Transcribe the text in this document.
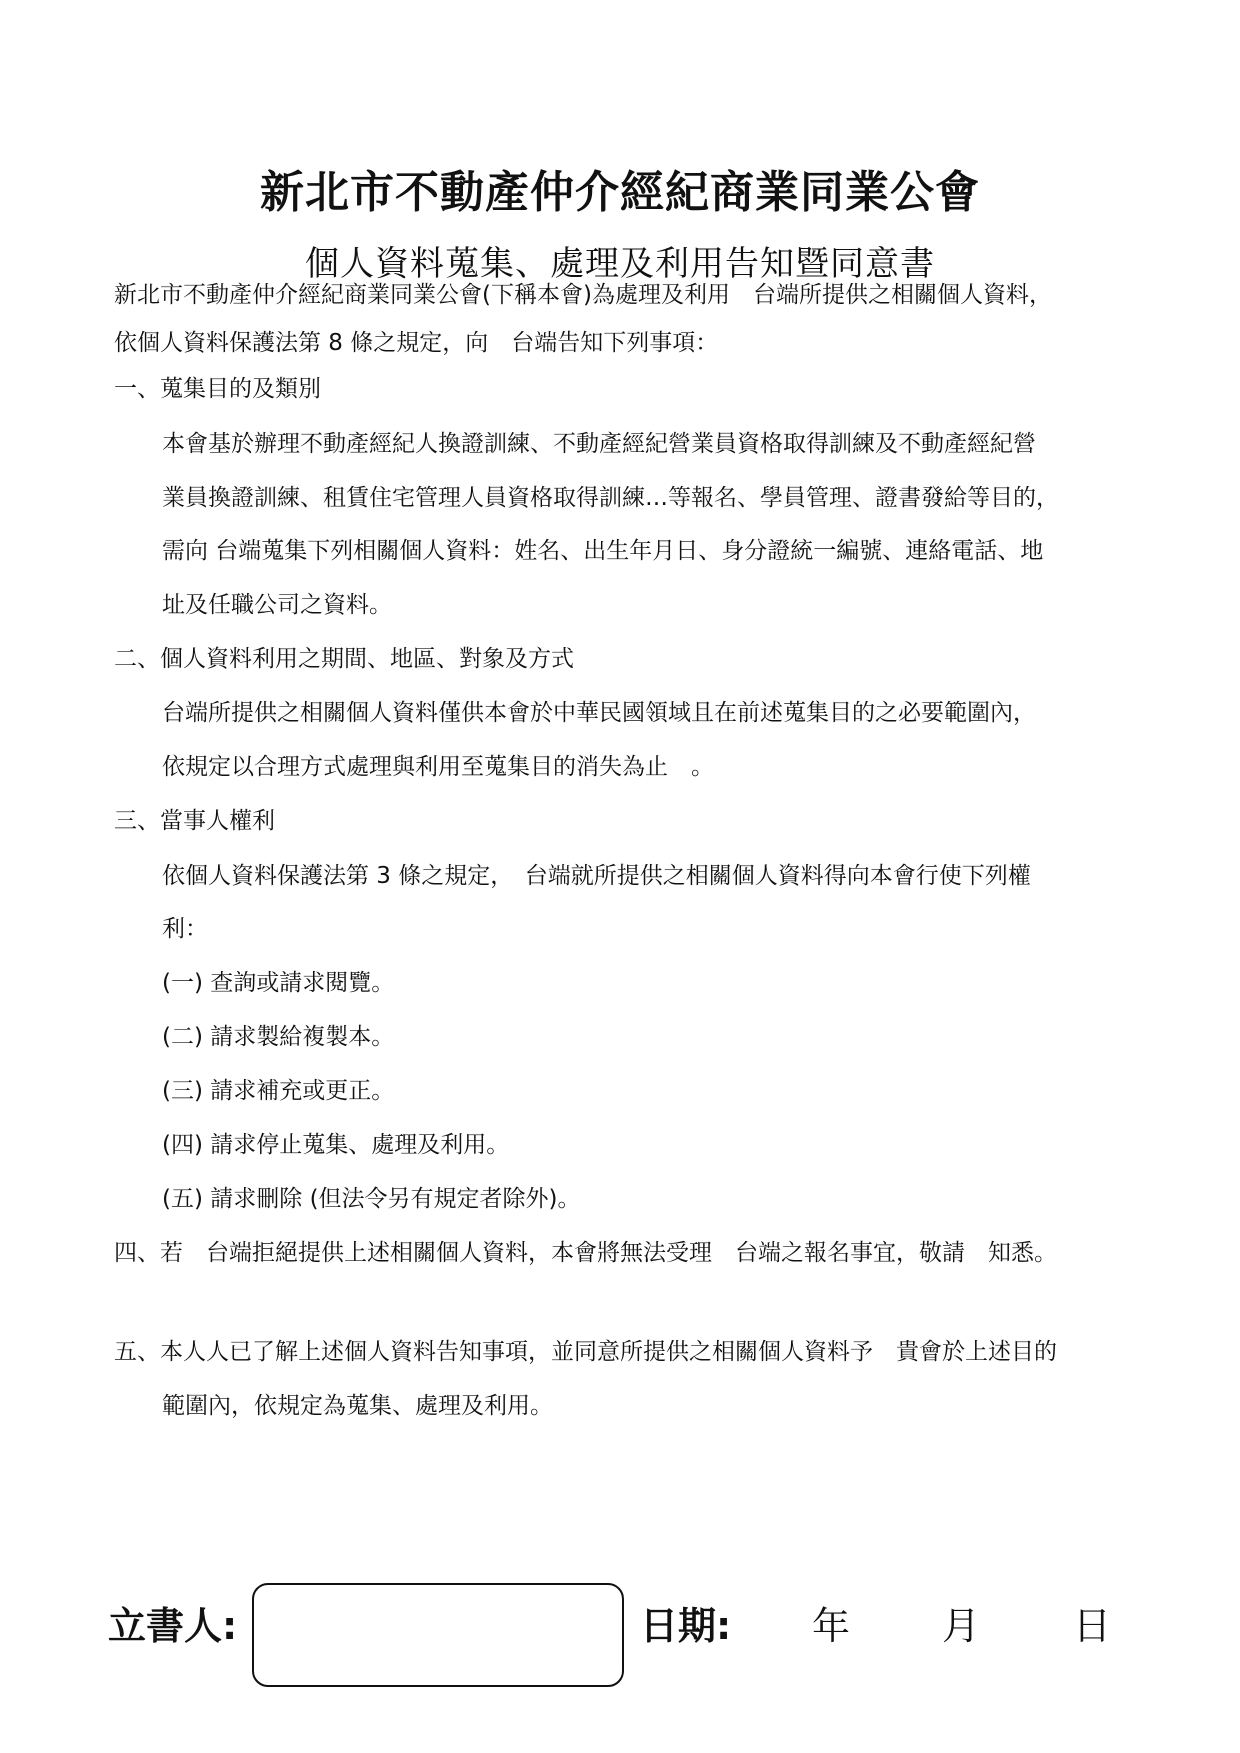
新北市不動產仲介經紀商業同業公會
個人資料蒐集、處理及利用告知暨同意書
新北市不動產仲介經紀商業同業公會(下稱本會)為處理及利用　台端所提供之相關個人資料，
依個人資料保護法第 8 條之規定，向　台端告知下列事項：
一、蒐集目的及類別
本會基於辦理不動產經紀人換證訓練、不動產經紀營業員資格取得訓練及不動產經紀營
業員換證訓練、租賃住宅管理人員資格取得訓練…等報名、學員管理、證書發給等目的，
需向 台端蒐集下列相關個人資料：姓名、出生年月日、身分證統一編號、連絡電話、地
址及任職公司之資料。
二、個人資料利用之期間、地區、對象及方式
台端所提供之相關個人資料僅供本會於中華民國領域且在前述蒐集目的之必要範圍內，
依規定以合理方式處理與利用至蒐集目的消失為止　。
三、當事人權利
依個人資料保護法第 3 條之規定，　台端就所提供之相關個人資料得向本會行使下列權
利：
(一) 查詢或請求閱覽。
(二) 請求製給複製本。
(三) 請求補充或更正。
(四) 請求停止蒐集、處理及利用。
(五) 請求刪除 (但法令另有規定者除外)。
四、若　台端拒絕提供上述相關個人資料，本會將無法受理　台端之報名事宜，敬請　知悉。
五、本人人已了解上述個人資料告知事項，並同意所提供之相關個人資料予　貴會於上述目的
範圍內，依規定為蒐集、處理及利用。
立書人:	日期: 年 月 日
